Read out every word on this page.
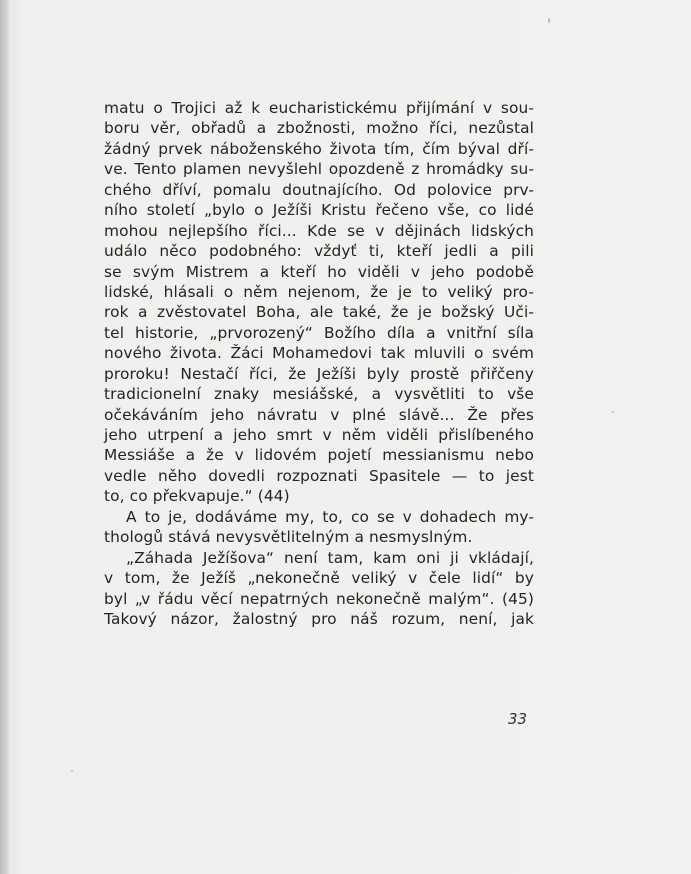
matu o Trojici až k eucharistickému přijímání v sou-
boru věr, obřadů a zbožnosti, možno říci, nezůstal
žádný prvek náboženského života tím, čím býval dří-
ve. Tento plamen nevyšlehl opozdeně z hromádky su-
chého dříví, pomalu doutnajícího. Od polovice prv-
ního století „bylo o Ježíši Kristu řečeno vše, co lidé
mohou nejlepšího říci... Kde se v dějinách lidských
událo něco podobného: vždyť ti, kteří jedli a pili
se svým Mistrem a kteří ho viděli v jeho podobě
lidské, hlásali o něm nejenom, že je to veliký pro-
rok a zvěstovatel Boha, ale také, že je božský Uči-
tel historie, „prvorozený“ Božího díla a vnitřní síla
nového života. Žáci Mohamedovi tak mluvili o svém
proroku! Nestačí říci, že Ježíši byly prostě přiřčeny
tradicionelní znaky mesiášské, a vysvětliti to vše
očekáváním jeho návratu v plné slávě... Že přes
jeho utrpení a jeho smrt v něm viděli přislíbeného
Messiáše a že v lidovém pojetí messianismu nebo
vedle něho dovedli rozpoznati Spasitele — to jest
to, co překvapuje.“ (44)
A to je, dodáváme my, to, co se v dohadech my-
thologů stává nevysvětlitelným a nesmyslným.
„Záhada Ježíšova“ není tam, kam oni ji vkládají,
v tom, že Ježíš „nekonečně veliký v čele lidí“ by
byl „v řádu věcí nepatrných nekonečně malým“. (45)
Takový názor, žalostný pro náš rozum, není, jak
33
